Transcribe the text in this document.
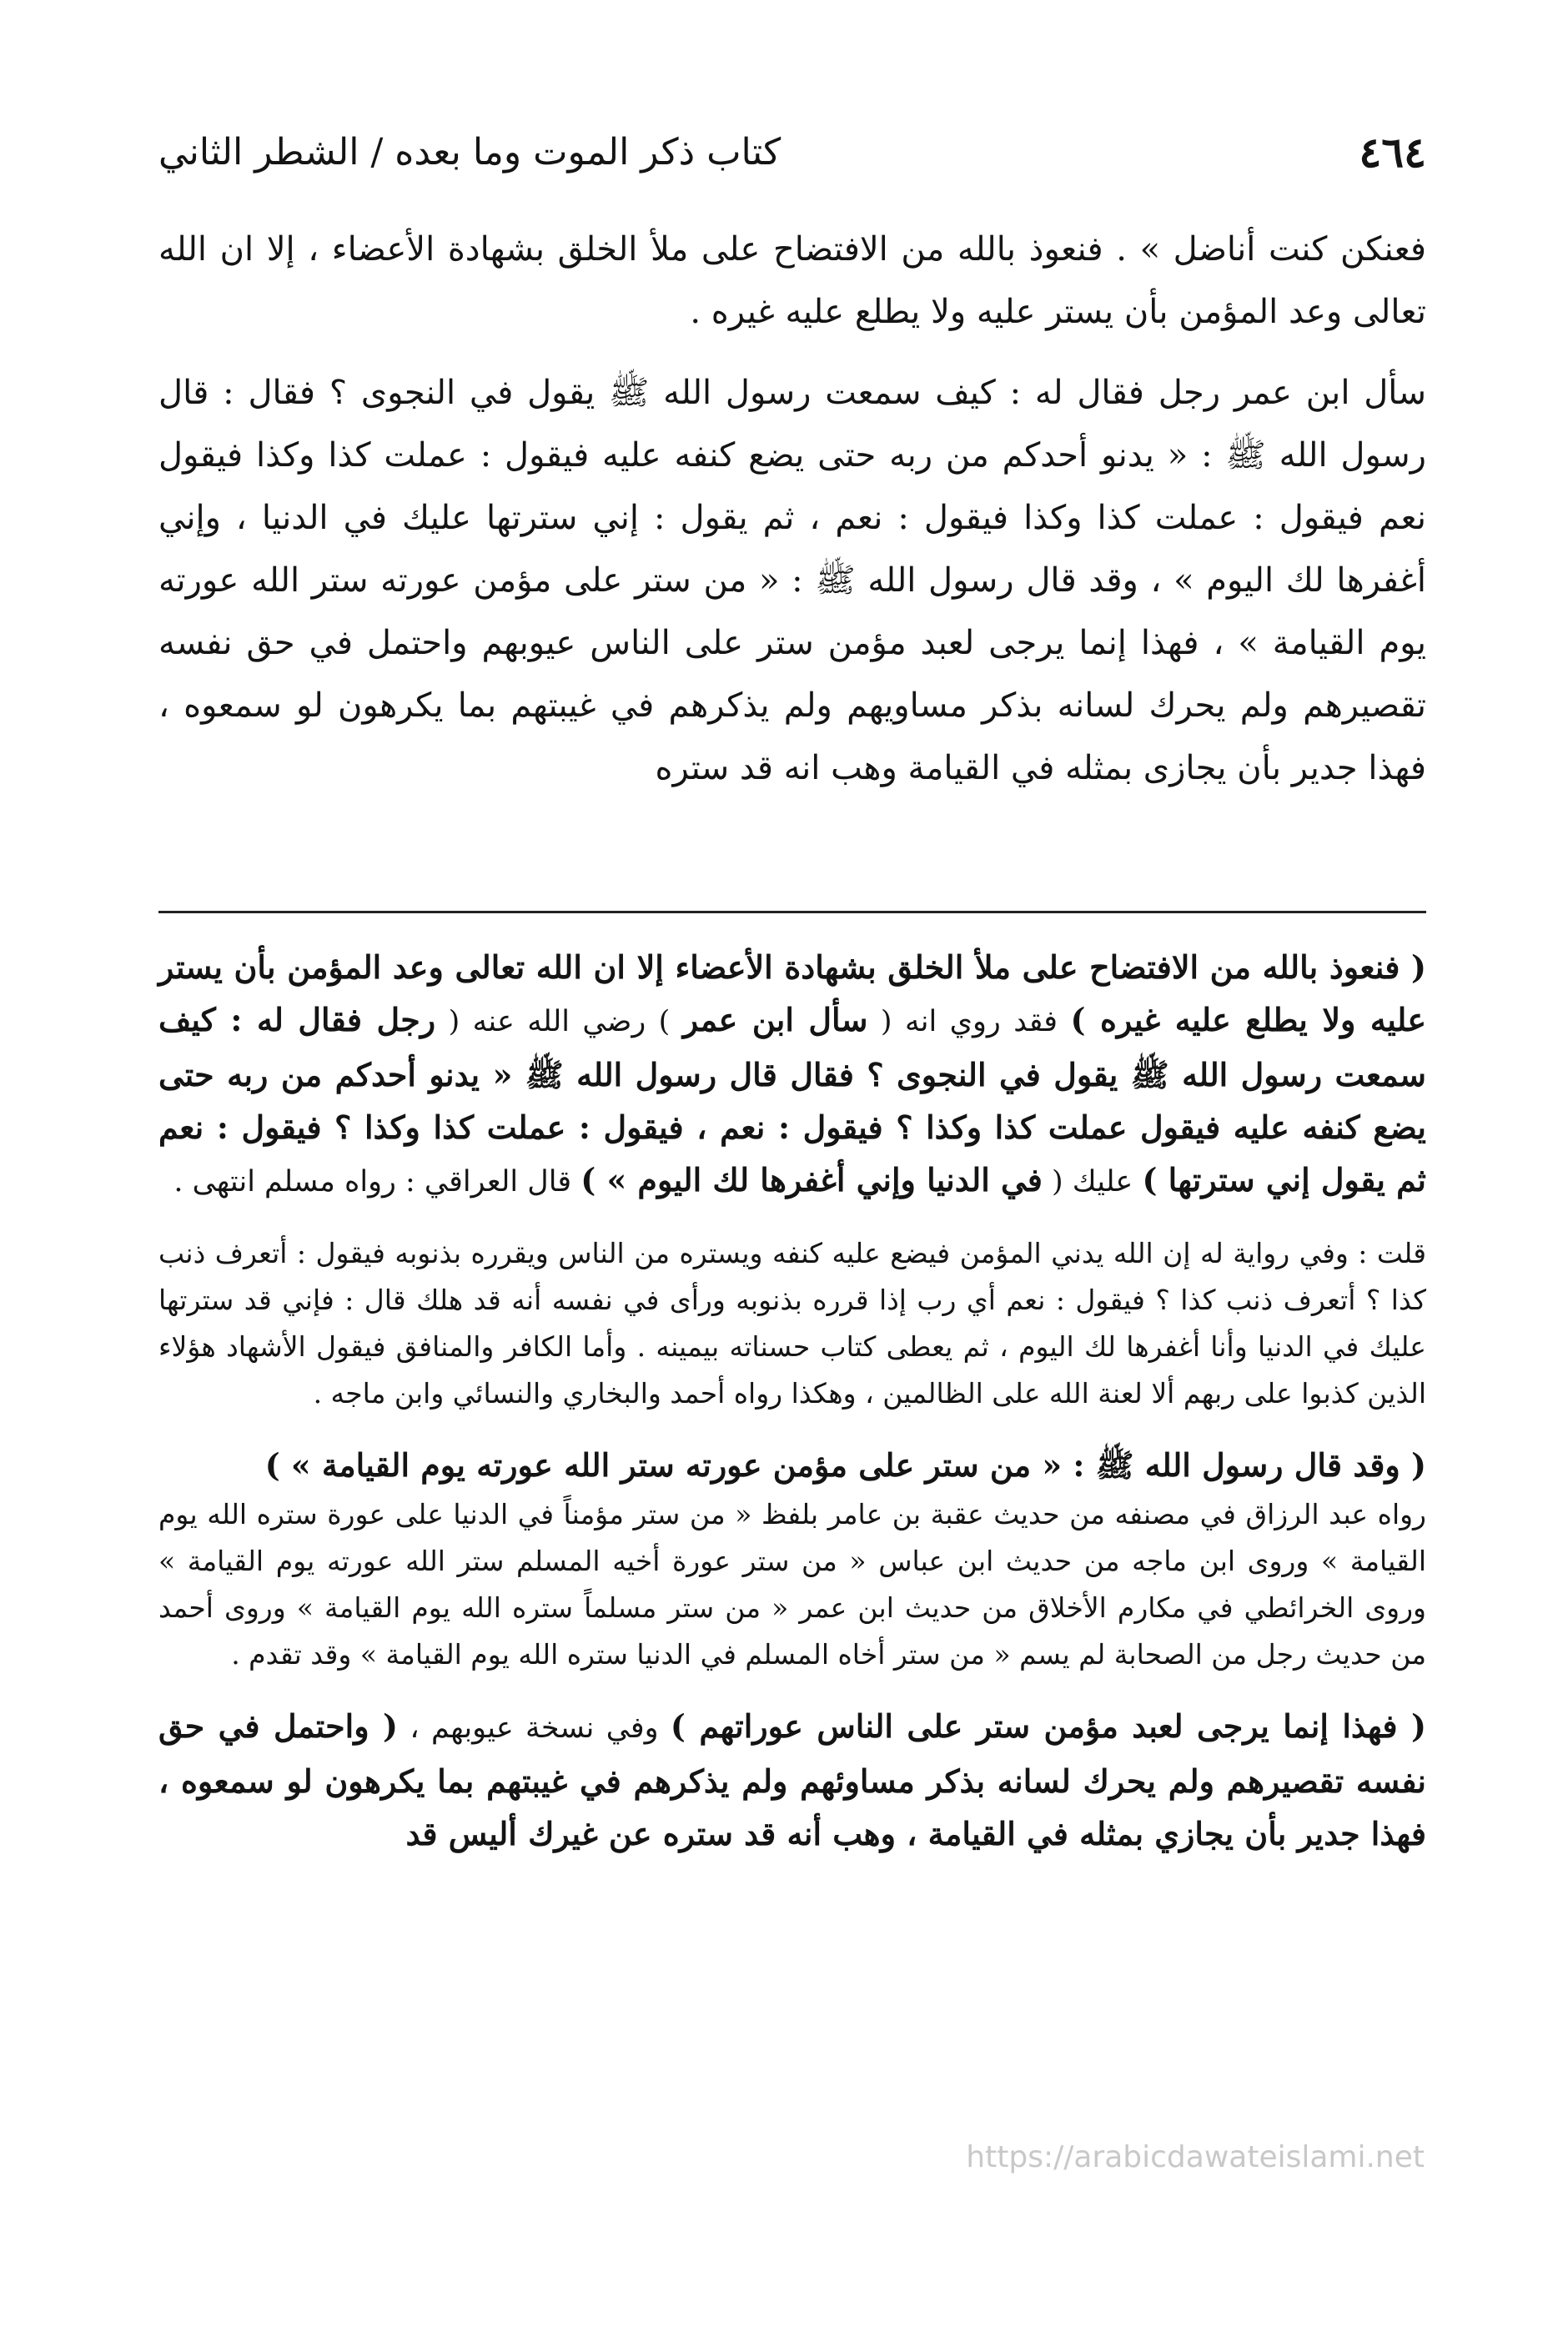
٤٦٤
كتاب ذكر الموت وما بعده / الشطر الثاني

فعنكن كنت أناضل » . فنعوذ بالله من الافتضاح على ملأ الخلق بشهادة الأعضاء ، إلا ان الله تعالى وعد المؤمن بأن يستر عليه ولا يطلع عليه غيره .

سأل ابن عمر رجل فقال له : كيف سمعت رسول الله ﷺ يقول في النجوى ؟ فقال : قال رسول الله ﷺ : « يدنو أحدكم من ربه حتى يضع كنفه عليه فيقول : عملت كذا وكذا فيقول نعم فيقول : عملت كذا وكذا فيقول : نعم ، ثم يقول : إني سترتها عليك في الدنيا ، وإني أغفرها لك اليوم » ، وقد قال رسول الله ﷺ : « من ستر على مؤمن عورته ستر الله عورته يوم القيامة » ، فهذا إنما يرجى لعبد مؤمن ستر على الناس عيوبهم واحتمل في حق نفسه تقصيرهم ولم يحرك لسانه بذكر مساويهم ولم يذكرهم في غيبتهم بما يكرهون لو سمعوه ، فهذا جدير بأن يجازى بمثله في القيامة وهب انه قد ستره

( فنعوذ بالله من الافتضاح على ملأ الخلق بشهادة الأعضاء إلا ان الله تعالى وعد المؤمن بأن يستر عليه ولا يطلع عليه غيره ) فقد روي انه ( سأل ابن عمر ) رضي الله عنه ( رجل فقال له : كيف سمعت رسول الله ﷺ يقول في النجوى ؟ فقال قال رسول الله ﷺ « يدنو أحدكم من ربه حتى يضع كنفه عليه فيقول عملت كذا وكذا ؟ فيقول : نعم ، فيقول : عملت كذا وكذا ؟ فيقول : نعم ثم يقول إني سترتها ) عليك ( في الدنيا وإني أغفرها لك اليوم » ) قال العراقي : رواه مسلم انتهى .

قلت : وفي رواية له إن الله يدني المؤمن فيضع عليه كنفه ويستره من الناس ويقرره بذنوبه فيقول : أتعرف ذنب كذا ؟ أتعرف ذنب كذا ؟ فيقول : نعم أي رب إذا قرره بذنوبه ورأى في نفسه أنه قد هلك قال : فإني قد سترتها عليك في الدنيا وأنا أغفرها لك اليوم ، ثم يعطى كتاب حسناته بيمينه . وأما الكافر والمنافق فيقول الأشهاد هؤلاء الذين كذبوا على ربهم ألا لعنة الله على الظالمين ، وهكذا رواه أحمد والبخاري والنسائي وابن ماجه .

( وقد قال رسول الله ﷺ : « من ستر على مؤمن عورته ستر الله عورته يوم القيامة » )

رواه عبد الرزاق في مصنفه من حديث عقبة بن عامر بلفظ « من ستر مؤمناً في الدنيا على عورة ستره الله يوم القيامة » وروى ابن ماجه من حديث ابن عباس « من ستر عورة أخيه المسلم ستر الله عورته يوم القيامة » وروى الخرائطي في مكارم الأخلاق من حديث ابن عمر « من ستر مسلماً ستره الله يوم القيامة » وروى أحمد من حديث رجل من الصحابة لم يسم « من ستر أخاه المسلم في الدنيا ستره الله يوم القيامة » وقد تقدم .

( فهذا إنما يرجى لعبد مؤمن ستر على الناس عوراتهم ) وفي نسخة عيوبهم ، ( واحتمل في حق نفسه تقصيرهم ولم يحرك لسانه بذكر مساوئهم ولم يذكرهم في غيبتهم بما يكرهون لو سمعوه ، فهذا جدير بأن يجازي بمثله في القيامة ، وهب أنه قد ستره عن غيرك أليس قد

https://arabicdawateislami.net
